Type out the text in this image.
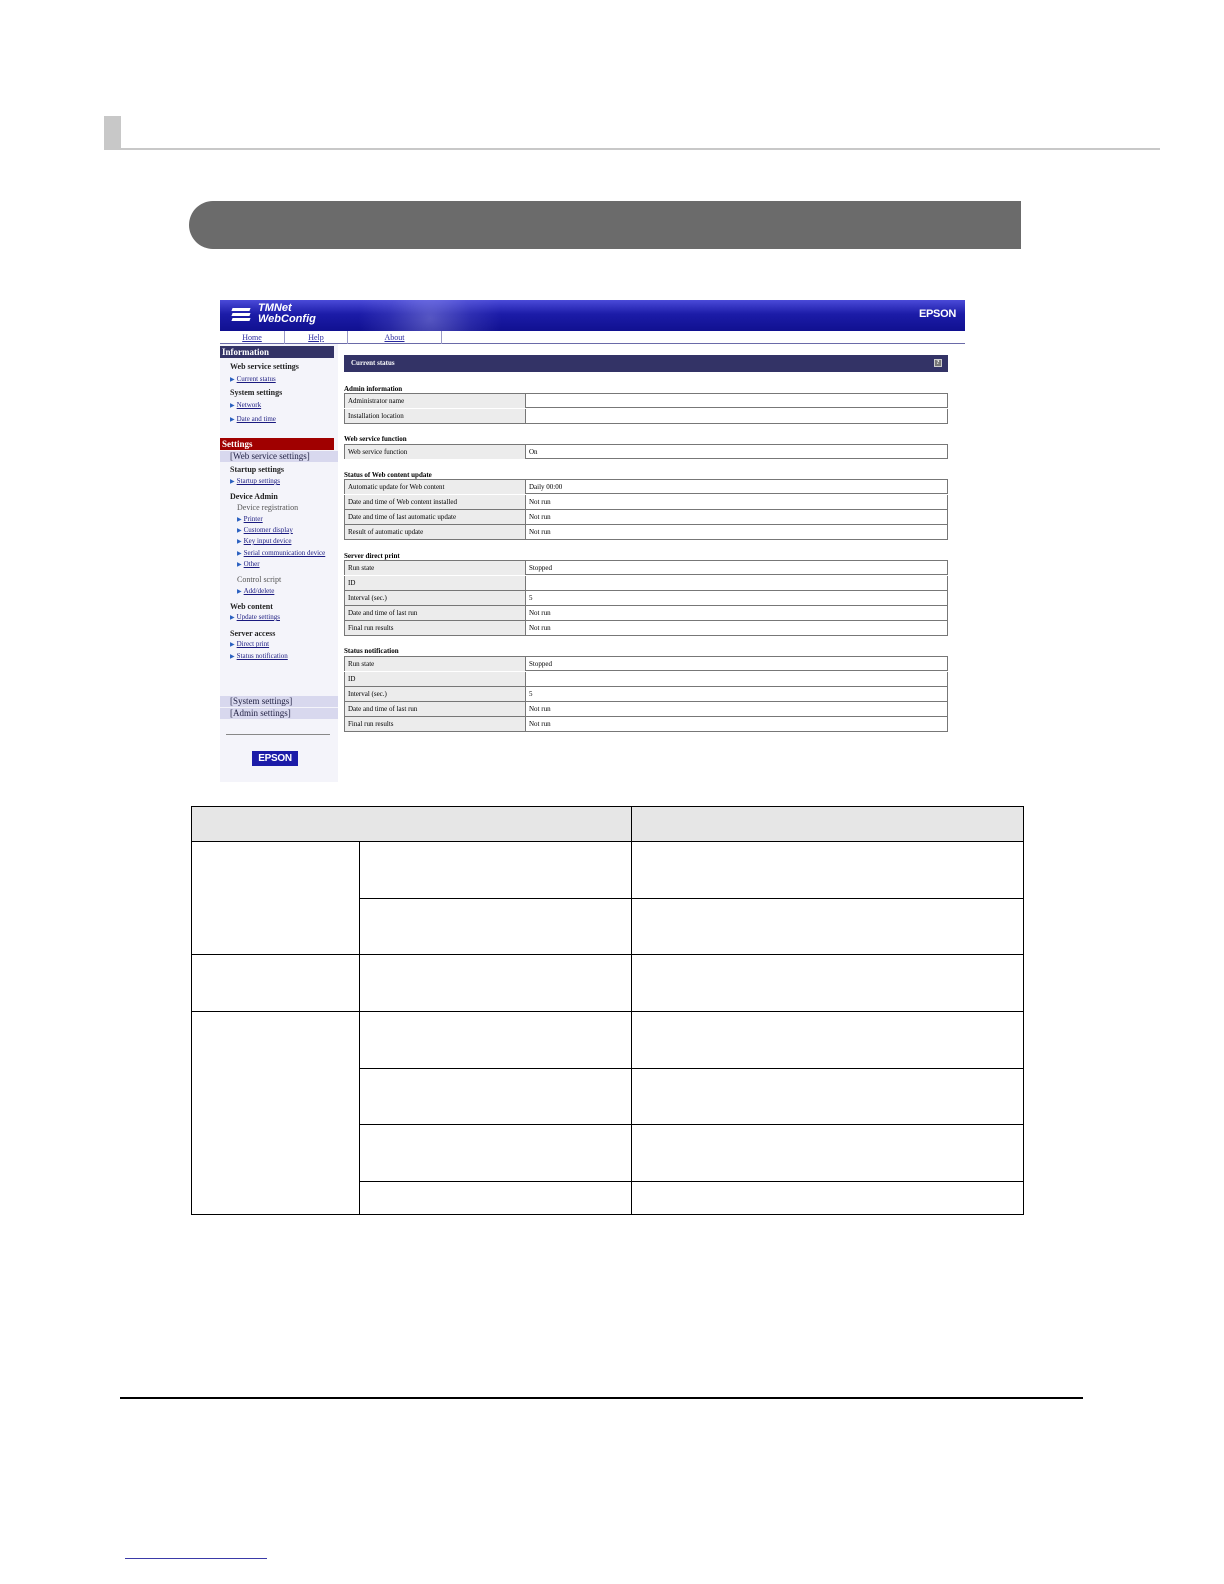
TMNet
WebConfig	EPSON
Home	Help	About
Information
Web service settings
▶ Current status
System settings
▶ Network
▶ Date and time
Settings
[Web service settings]
Startup settings
▶ Startup settings
Device Admin
Device registration
▶ Printer
▶ Customer display
▶ Key input device
▶ Serial communication device
▶ Other
Control script
▶ Add/delete
Web content
▶ Update settings
Server access
▶ Direct print
▶ Status notification
[System settings]
[Admin settings]
EPSON
Current status	?
Admin information
Administrator name
Installation location
Web service function
Web service function	On
Status of Web content update
Automatic update for Web content	Daily 00:00
Date and time of Web content installed	Not run
Date and time of last automatic update	Not run
Result of automatic update	Not run
Server direct print
Run state	Stopped
ID
Interval (sec.)	5
Date and time of last run	Not run
Final run results	Not run
Status notification
Run state	Stopped
ID
Interval (sec.)	5
Date and time of last run	Not run
Final run results	Not run
